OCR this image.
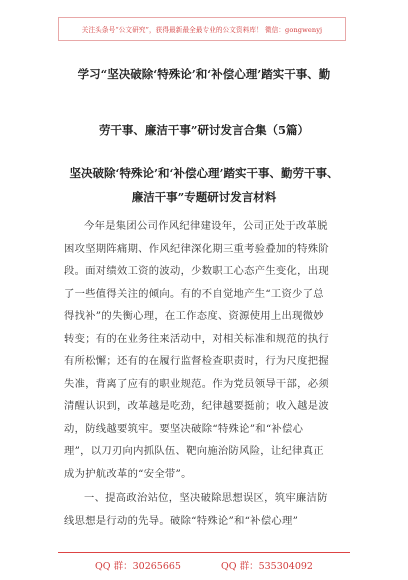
关注头条号“公文研究”，获得最新最全最专业的公文资料库！ 微信：gongwenyj
学习“坚决破除‘特殊论’和‘补偿心理’踏实干事、勤
劳干事、廉洁干事”研讨发言合集（5篇）
坚决破除‘特殊论’和‘补偿心理’踏实干事、勤劳干事、
廉洁干事”专题研讨发言材料
今年是集团公司作风纪律建设年，公司正处于改革脱
困攻坚期阵痛期、作风纪律深化期三重考验叠加的特殊阶
段。面对绩效工资的波动，少数职工心态产生变化，出现
了一些值得关注的倾向。有的不自觉地产生“工资少了总
得找补”的失衡心理，在工作态度、资源使用上出现微妙
转变；有的在业务往来活动中，对相关标准和规范的执行
有所松懈；还有的在履行监督检查职责时，行为尺度把握
失准，背离了应有的职业规范。作为党员领导干部，必须
清醒认识到，改革越是吃劲，纪律越要挺前；收入越是波
动，防线越要筑牢。要坚决破除“特殊论”和“补偿心
理”，以刀刃向内抓队伍、靶向施治防风险，让纪律真正
成为护航改革的“安全带”。
一、提高政治站位，坚决破除思想误区，筑牢廉洁防
线思想是行动的先导。破除“特殊论”和“补偿心理”
QQ 群：30265665	QQ 群：535304092
